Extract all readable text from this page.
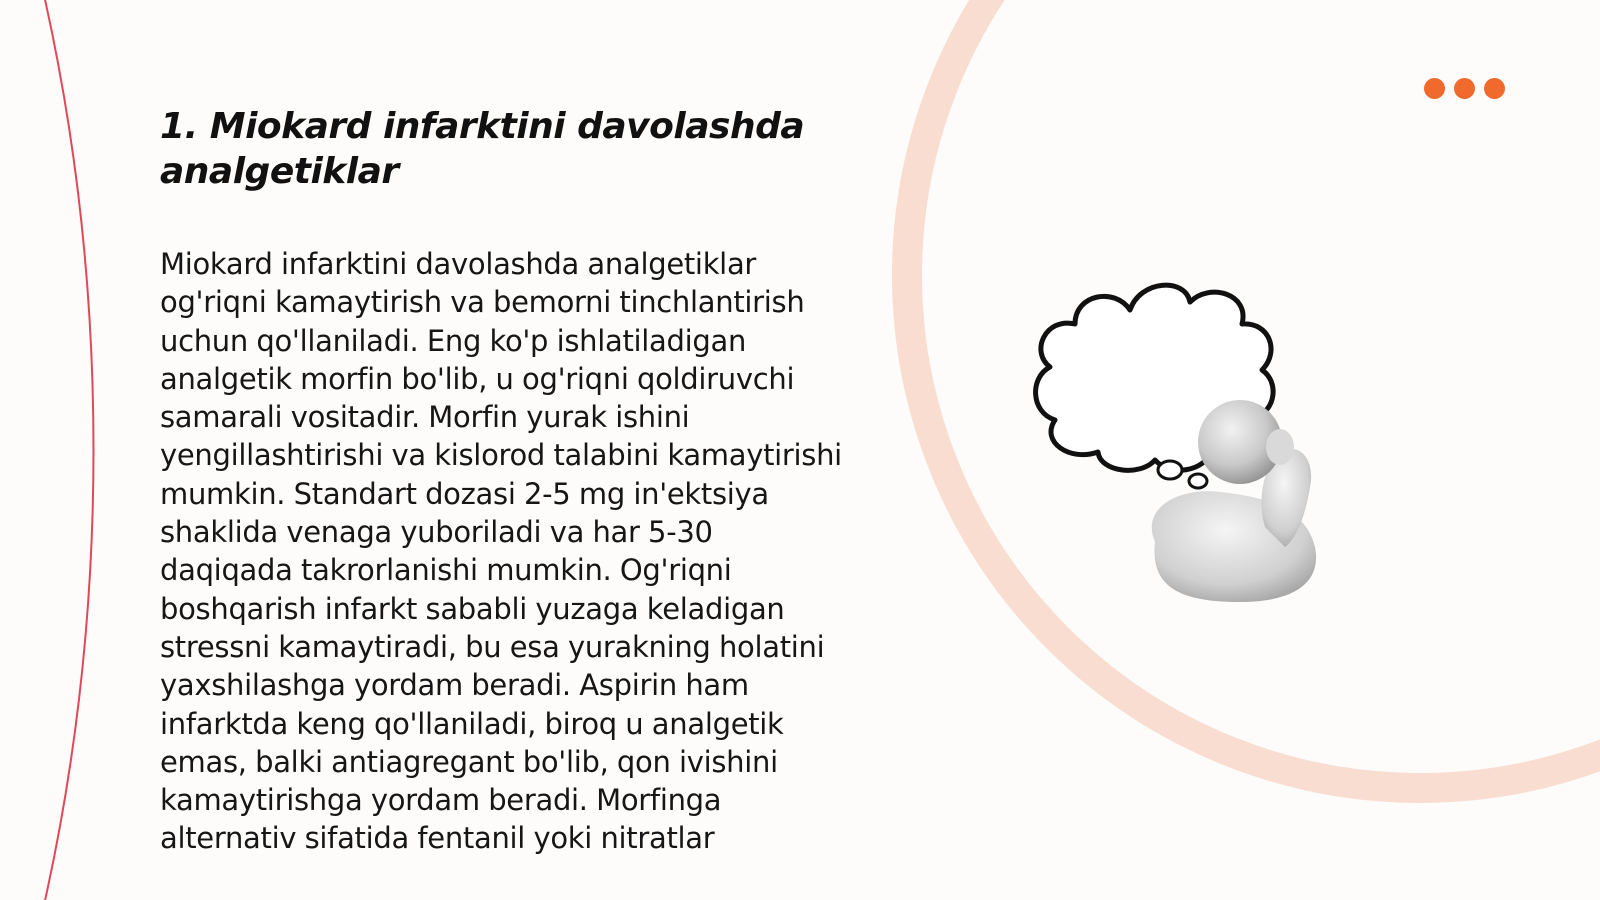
1. Miokard infarktini davolashda analgetiklar

Miokard infarktini davolashda analgetiklar og'riqni kamaytirish va bemorni tinchlantirish uchun qo'llaniladi. Eng ko'p ishlatiladigan analgetik morfin bo'lib, u og'riqni qoldiruvchi samarali vositadir. Morfin yurak ishini yengillashtirishi va kislorod talabini kamaytirishi mumkin. Standart dozasi 2-5 mg in'ektsiya shaklida venaga yuboriladi va har 5-30 daqiqada takrorlanishi mumkin. Og'riqni boshqarish infarkt sababli yuzaga keladigan stressni kamaytiradi, bu esa yurakning holatini yaxshilashga yordam beradi. Aspirin ham infarktda keng qo'llaniladi, biroq u analgetik emas, balki antiagregant bo'lib, qon ivishini kamaytirishga yordam beradi. Morfinga alternativ sifatida fentanil yoki nitratlar
